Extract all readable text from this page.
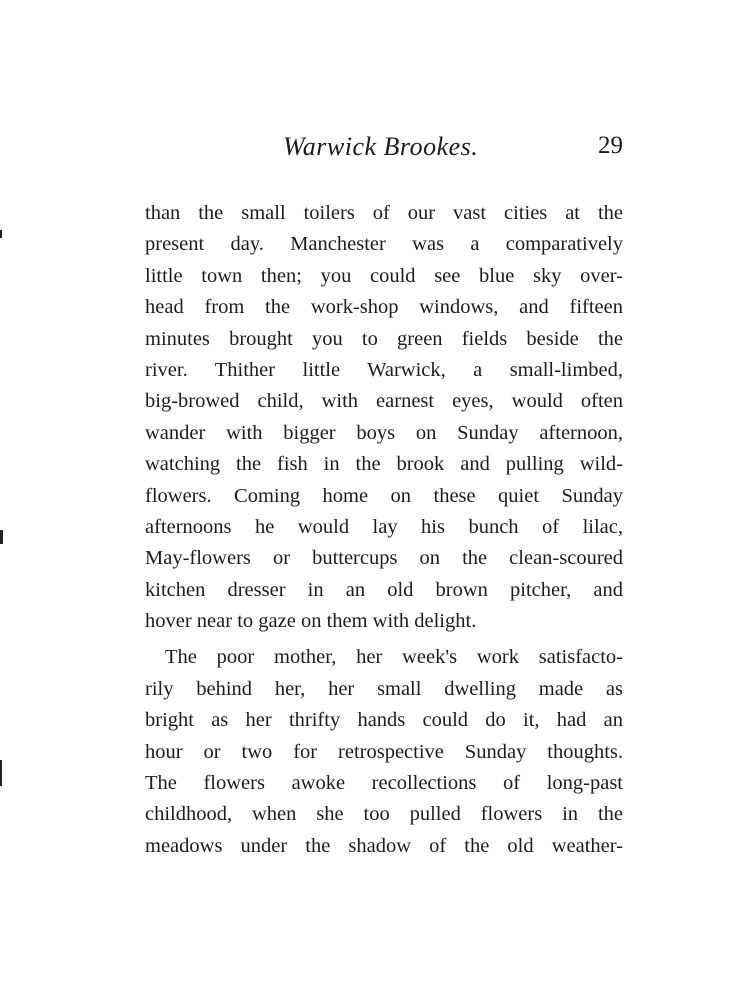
Warwick Brookes.	29
than the small toilers of our vast cities at the
present day. Manchester was a comparatively
little town then; you could see blue sky over-
head from the work-shop windows, and fifteen
minutes brought you to green fields beside the
river. Thither little Warwick, a small-limbed,
big-browed child, with earnest eyes, would often
wander with bigger boys on Sunday afternoon,
watching the fish in the brook and pulling wild-
flowers. Coming home on these quiet Sunday
afternoons he would lay his bunch of lilac,
May-flowers or buttercups on the clean-scoured
kitchen dresser in an old brown pitcher, and
hover near to gaze on them with delight.
The poor mother, her week's work satisfacto-
rily behind her, her small dwelling made as
bright as her thrifty hands could do it, had an
hour or two for retrospective Sunday thoughts.
The flowers awoke recollections of long-past
childhood, when she too pulled flowers in the
meadows under the shadow of the old weather-
